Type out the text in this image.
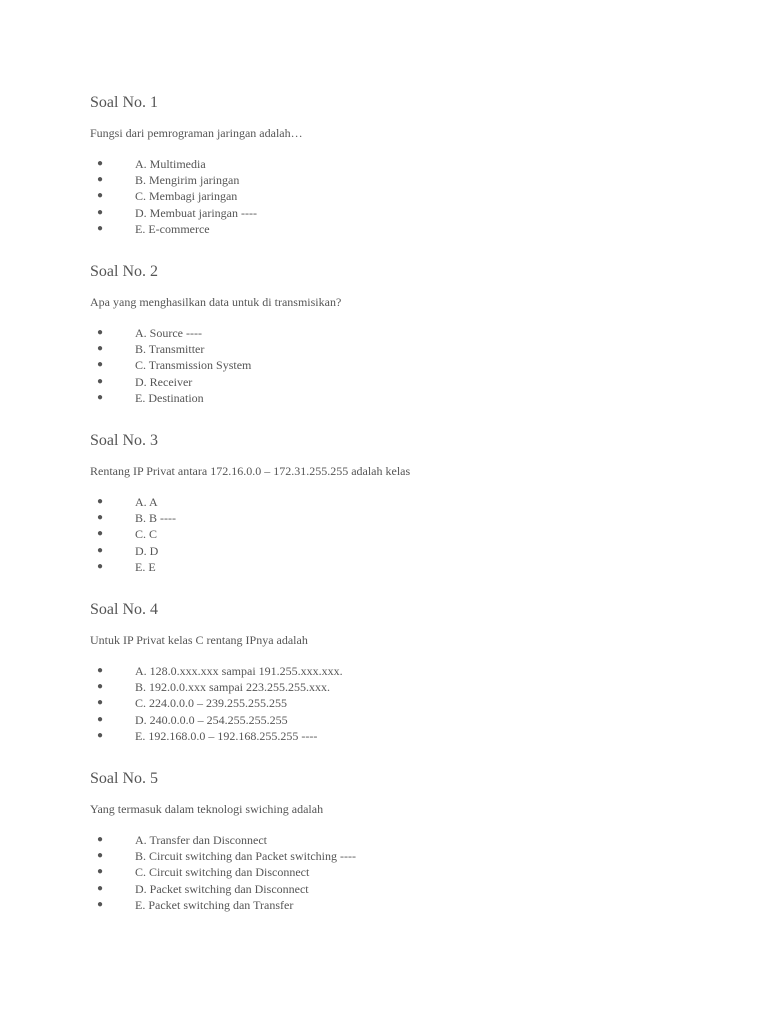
Soal No. 1

Fungsi dari pemrograman jaringan adalah…

●	A. Multimedia
●	B. Mengirim jaringan
●	C. Membagi jaringan
●	D. Membuat jaringan ----
●	E. E-commerce
Soal No. 2

Apa yang menghasilkan data untuk di transmisikan?

●	A. Source ----
●	B. Transmitter
●	C. Transmission System
●	D. Receiver
●	E. Destination
Soal No. 3

Rentang IP Privat antara 172.16.0.0 – 172.31.255.255 adalah kelas

●	A. A
●	B. B ----
●	C. C
●	D. D
●	E. E
Soal No. 4

Untuk IP Privat kelas C rentang IPnya adalah

●	A. 128.0.xxx.xxx sampai 191.255.xxx.xxx.
●	B. 192.0.0.xxx sampai 223.255.255.xxx.
●	C. 224.0.0.0 – 239.255.255.255
●	D. 240.0.0.0 – 254.255.255.255
●	E. 192.168.0.0 – 192.168.255.255 ----
Soal No. 5

Yang termasuk dalam teknologi swiching adalah

●	A. Transfer dan Disconnect
●	B. Circuit switching dan Packet switching ----
●	C. Circuit switching dan Disconnect
●	D. Packet switching dan Disconnect
●	E. Packet switching dan Transfer
